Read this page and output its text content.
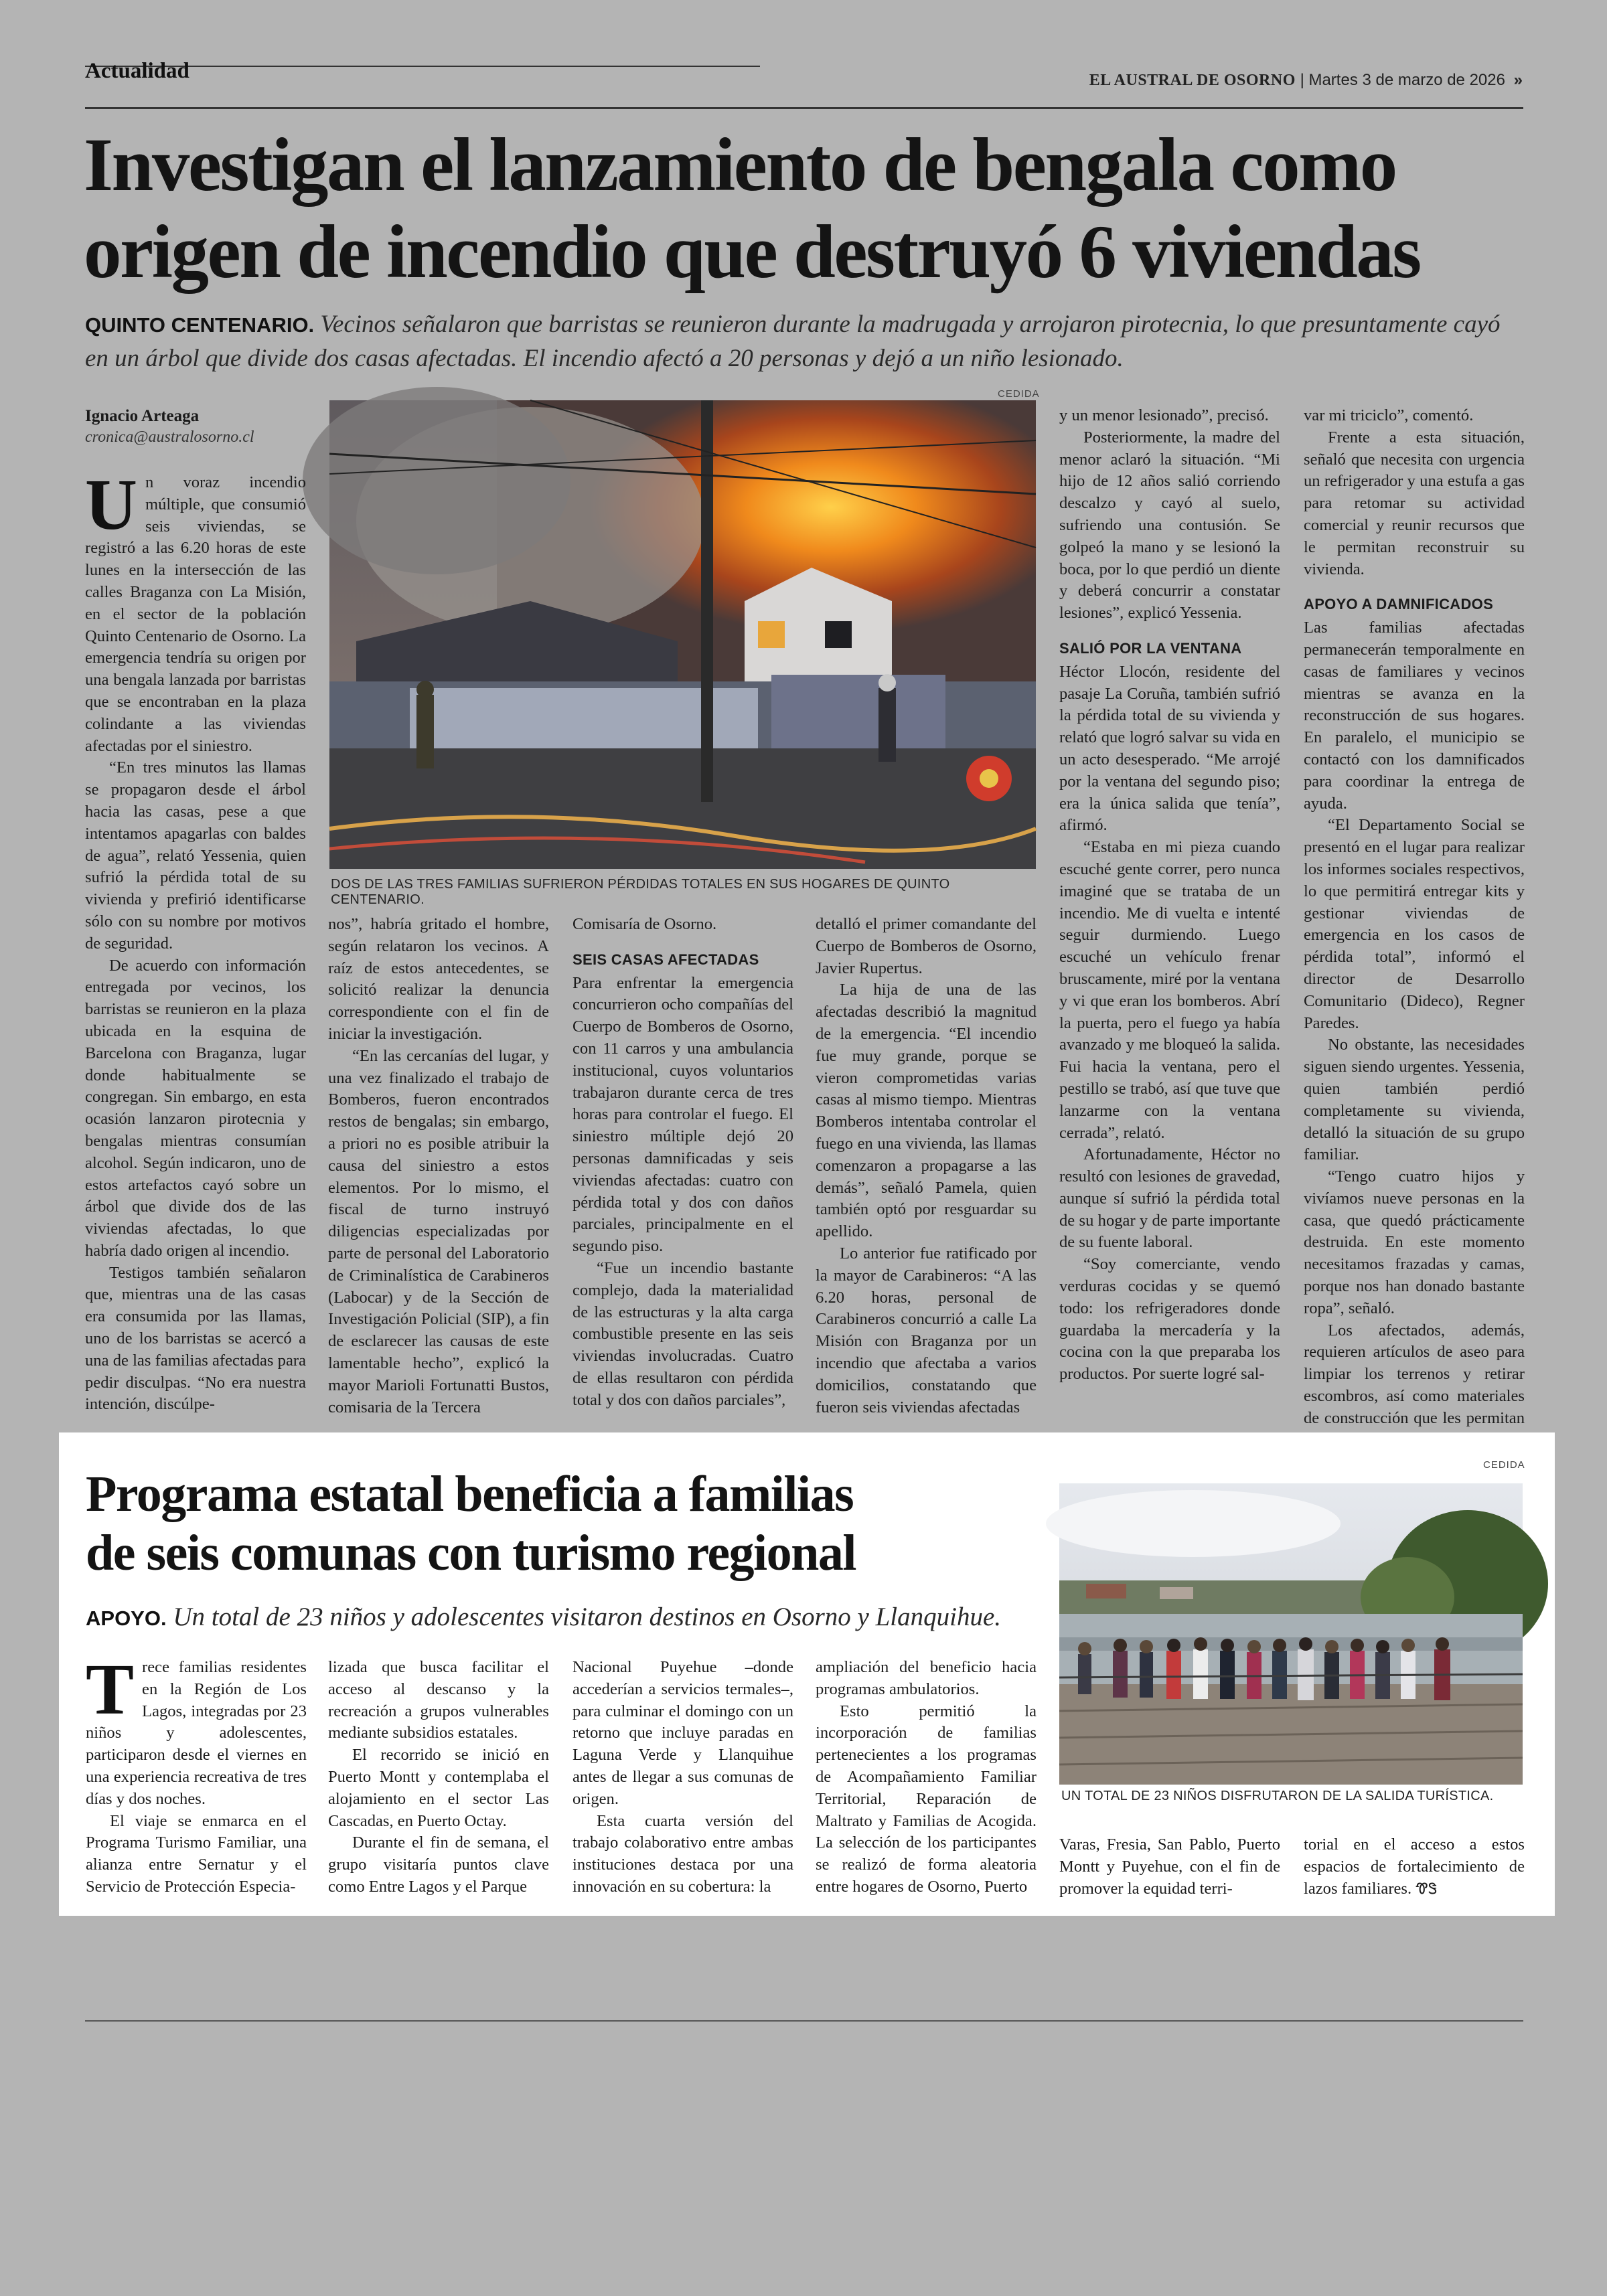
Actualidad	EL AUSTRAL DE OSORNO | Martes 3 de marzo de 2026 »
Investigan el lanzamiento de bengala como
origen de incendio que destruyó 6 viviendas
QUINTO CENTENARIO. Vecinos señalaron que barristas se reunieron durante la madrugada y arrojaron pirotecnia, lo que presuntamente cayó en un árbol que divide dos casas afectadas. El incendio afectó a 20 personas y dejó a un niño lesionado.
Ignacio Arteaga
cronica@australosorno.cl
CEDIDA
DOS DE LAS TRES FAMILIAS SUFRIERON PÉRDIDAS TOTALES EN SUS HOGARES DE QUINTO CENTENARIO.
U n voraz incendio múltiple, que consumió seis viviendas, se registró a las 6.20 horas de este lunes en la intersección de las calles Braganza con La Misión, en el sector de la población Quinto Centenario de Osorno. La emergencia tendría su origen por una bengala lanzada por barristas que se encontraban en la plaza colindante a las viviendas afectadas por el siniestro.

“En tres minutos las llamas se propagaron desde el árbol hacia las casas, pese a que intentamos apagarlas con baldes de agua”, relató Yessenia, quien sufrió la pérdida total de su vivienda y prefirió identificarse sólo con su nombre por motivos de seguridad.

De acuerdo con información entregada por vecinos, los barristas se reunieron en la plaza ubicada en la esquina de Barcelona con Braganza, lugar donde habitualmente se congregan. Sin embargo, en esta ocasión lanzaron pirotecnia y bengalas mientras consumían alcohol. Según indicaron, uno de estos artefactos cayó sobre un árbol que divide dos de las viviendas afectadas, lo que habría dado origen al incendio.

Testigos también señalaron que, mientras una de las casas era consumida por las llamas, uno de los barristas se acercó a una de las familias afectadas para pedir disculpas. “No era nuestra intención, discúlpe-

nos”, habría gritado el hombre, según relataron los vecinos. A raíz de estos antecedentes, se solicitó realizar la denuncia correspondiente con el fin de iniciar la investigación.

“En las cercanías del lugar, y una vez finalizado el trabajo de Bomberos, fueron encontrados restos de bengalas; sin embargo, a priori no es posible atribuir la causa del siniestro a estos elementos. Por lo mismo, el fiscal de turno instruyó diligencias especializadas por parte de personal del Laboratorio de Criminalística de Carabineros (Labocar) y de la Sección de Investigación Policial (SIP), a fin de esclarecer las causas de este lamentable hecho”, explicó la mayor Marioli Fortunatti Bustos, comisaria de la Tercera

Comisaría de Osorno.

SEIS CASAS AFECTADAS

Para enfrentar la emergencia concurrieron ocho compañías del Cuerpo de Bomberos de Osorno, con 11 carros y una ambulancia institucional, cuyos voluntarios trabajaron durante cerca de tres horas para controlar el fuego. El siniestro múltiple dejó 20 personas damnificadas y seis viviendas afectadas: cuatro con pérdida total y dos con daños parciales, principalmente en el segundo piso.

“Fue un incendio bastante complejo, dada la materialidad de las estructuras y la alta carga combustible presente en las seis viviendas involucradas. Cuatro de ellas resultaron con pérdida total y dos con daños parciales”,

detalló el primer comandante del Cuerpo de Bomberos de Osorno, Javier Rupertus.

La hija de una de las afectadas describió la magnitud de la emergencia. “El incendio fue muy grande, porque se vieron comprometidas varias casas al mismo tiempo. Mientras Bomberos intentaba controlar el fuego en una vivienda, las llamas comenzaron a propagarse a las demás”, señaló Pamela, quien también optó por resguardar su apellido.

Lo anterior fue ratificado por la mayor de Carabineros: “A las 6.20 horas, personal de Carabineros concurrió a calle La Misión con Braganza por un incendio que afectaba a varios domicilios, constatando que fueron seis viviendas afectadas

y un menor lesionado”, precisó.

Posteriormente, la madre del menor aclaró la situación. “Mi hijo de 12 años salió corriendo descalzo y cayó al suelo, sufriendo una contusión. Se golpeó la mano y se lesionó la boca, por lo que perdió un diente y deberá concurrir a constatar lesiones”, explicó Yessenia.

SALIÓ POR LA VENTANA

Héctor Llocón, residente del pasaje La Coruña, también sufrió la pérdida total de su vivienda y relató que logró salvar su vida en un acto desesperado. “Me arrojé por la ventana del segundo piso; era la única salida que tenía”, afirmó.

“Estaba en mi pieza cuando escuché gente correr, pero nunca imaginé que se trataba de un incendio. Me di vuelta e intenté seguir durmiendo. Luego escuché un vehículo frenar bruscamente, miré por la ventana y vi que eran los bomberos. Abrí la puerta, pero el fuego ya había avanzado y me bloqueó la salida. Fui hacia la ventana, pero el pestillo se trabó, así que tuve que lanzarme con la ventana cerrada”, relató.

Afortunadamente, Héctor no resultó con lesiones de gravedad, aunque sí sufrió la pérdida total de su hogar y de parte importante de su fuente laboral.

“Soy comerciante, vendo verduras cocidas y se quemó todo: los refrigeradores donde guardaba la mercadería y la cocina con la que preparaba los productos. Por suerte logré sal-

var mi triciclo”, comentó.

Frente a esta situación, señaló que necesita con urgencia un refrigerador y una estufa a gas para retomar su actividad comercial y reunir recursos que le permitan reconstruir su vivienda.

APOYO A DAMNIFICADOS

Las familias afectadas permanecerán temporalmente en casas de familiares y vecinos mientras se avanza en la reconstrucción de sus hogares. En paralelo, el municipio se contactó con los damnificados para coordinar la entrega de ayuda.

“El Departamento Social se presentó en el lugar para realizar los informes sociales respectivos, lo que permitirá entregar kits y gestionar viviendas de emergencia en los casos de pérdida total”, informó el director de Desarrollo Comunitario (Dideco), Regner Paredes.

No obstante, las necesidades siguen siendo urgentes. Yessenia, quien también perdió completamente su vivienda, detalló la situación de su grupo familiar.

“Tengo cuatro hijos y vivíamos nueve personas en la casa, que quedó prácticamente destruida. En este momento necesitamos frazadas y camas, porque nos han donado bastante ropa”, señaló.

Los afectados, además, requieren artículos de aseo para limpiar los terrenos y retirar escombros, así como materiales de construcción que les permitan

Programa estatal beneficia a familias
de seis comunas con turismo regional
APOYO. Un total de 23 niños y adolescentes visitaron destinos en Osorno y Llanquihue.
CEDIDA
UN TOTAL DE 23 NIÑOS DISFRUTARON DE LA SALIDA TURÍSTICA.
T rece familias residentes en la Región de Los Lagos, integradas por 23 niños y adolescentes, participaron desde el viernes en una experiencia recreativa de tres días y dos noches.

El viaje se enmarca en el Programa Turismo Familiar, una alianza entre Sernatur y el Servicio de Protección Especia-

lizada que busca facilitar el acceso al descanso y la recreación a grupos vulnerables mediante subsidios estatales.

El recorrido se inició en Puerto Montt y contemplaba el alojamiento en el sector Las Cascadas, en Puerto Octay.

Durante el fin de semana, el grupo visitaría puntos clave como Entre Lagos y el Parque

Nacional Puyehue –donde accederían a servicios termales–, para culminar el domingo con un retorno que incluye paradas en Laguna Verde y Llanquihue antes de llegar a sus comunas de origen.

Esta cuarta versión del trabajo colaborativo entre ambas instituciones destaca por una innovación en su cobertura: la

ampliación del beneficio hacia programas ambulatorios.

Esto permitió la incorporación de familias pertenecientes a los programas de Acompañamiento Familiar Territorial, Reparación de Maltrato y Familias de Acogida. La selección de los participantes se realizó de forma aleatoria entre hogares de Osorno, Puerto

Varas, Fresia, San Pablo, Puerto Montt y Puyehue, con el fin de promover la equidad terri-

torial en el acceso a estos espacios de fortalecimiento de lazos familiares. ᏡᏕ
